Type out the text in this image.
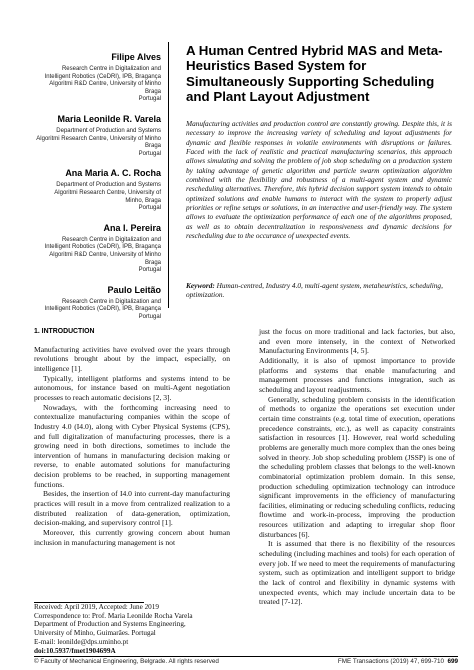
Filipe Alves
Research Centre in Digitalization and
Intelligent Robotics (CeDRI), IPB, Bragança
Algoritmi R&D Centre, University of Minho
Braga
Portugal
Maria Leonilde R. Varela
Department of Production and Systems
Algoritmi Research Centre, University of Minho
Braga
Portugal
Ana Maria A. C. Rocha
Department of Production and Systems
Algoritmi Research Centre, University of
Minho, Braga
Portugal
Ana I. Pereira
Research Centre in Digitalization and
Intelligent Robotics (CeDRI), IPB, Bragança
Algoritmi R&D Centre, University of Minho
Braga
Portugal
Paulo Leitão
Research Centre in Digitalization and
Intelligent Robotics (CeDRI), IPB, Bragança
Portugal
A Human Centred Hybrid MAS and Meta-Heuristics Based System for Simultaneously Supporting Scheduling and Plant Layout Adjustment
Manufacturing activities and production control are constantly growing. Despite this, it is necessary to improve the increasing variety of scheduling and layout adjustments for dynamic and flexible responses in volatile environments with disruptions or failures. Faced with the lack of realistic and practical manufacturing scenarios, this approach allows simulating and solving the problem of job shop scheduling on a production system by taking advantage of genetic algorithm and particle swarm optimization algorithm combined with the flexibility and robustness of a multi-agent system and dynamic rescheduling alternatives. Therefore, this hybrid decision support system intends to obtain optimized solutions and enable humans to interact with the system to properly adjust priorities or refine setups or solutions, in an interactive and user-friendly way. The system allows to evaluate the optimization performance of each one of the algorithms proposed, as well as to obtain decentralization in responsiveness and dynamic decisions for rescheduling due to the occurance of unexpected events.
Keyword: Human-centred, Industry 4.0, multi-agent system, metaheuristics, scheduling, optimization.
1. INTRODUCTION

Manufacturing activities have evolved over the years through revolutions brought about by the impact, especially, on intelligence [1].

Typically, intelligent platforms and systems intend to be autonomous, for instance based on multi-Agent negotiation processes to reach automatic decisions [2, 3].

Nowadays, with the forthcoming increasing need to contextualize manufacturing companies within the scope of Industry 4.0 (I4.0), along with Cyber Physical Systems (CPS), and full digitalization of manufacturing processes, there is a growing need in both directions, sometimes to include the intervention of humans in manufacturing decision making or reverse, to enable automated solutions for manufacturing decision problems to be reached, in supporting management functions.

Besides, the insertion of I4.0 into current-day manufacturing practices will result in a move from centralized realization to a distributed realization of data-generation, optimization, decision-making, and supervisory control [1].

Moreover, this currently growing concern about human inclusion in manufacturing management is not

just the focus on more traditional and lack factories, but also, and even more intensely, in the context of Networked Manufacturing Environments [4, 5].

Additionally, it is also of upmost importance to provide platforms and systems that enable manufacturing and management processes and functions integration, such as scheduling and layout readjustments.

Generally, scheduling problem consists in the identification of methods to organize the operations set execution under certain time constraints (e.g. total time of execution, operations precedence constraints, etc.), as well as capacity constraints satisfaction in resources [1]. However, real world scheduling problems are generally much more complex than the ones being solved in theory. Job shop scheduling problem (JSSP) is one of the scheduling problem classes that belongs to the well-known combinatorial optimization problem domain. In this sense, production scheduling optimization technology can introduce significant improvements in the efficiency of manufacturing facilities, eliminating or reducing scheduling conflicts, reducing flowtime and work-in-process, improving the production resources utilization and adapting to irregular shop floor disturbances [6].

It is assumed that there is no flexibility of the resources scheduling (including machines and tools) for each operation of every job. If we need to meet the requirements of manufacturing system, such as optimization and intelligent support to bridge the lack of control and flexibility in dynamic systems with unexpected events, which may include uncertain data to be treated [7-12].

Received: April 2019, Accepted: June 2019
Correspondence to: Prof. Maria Leonilde Rocha Varela
Department of Production and Systems Engineering,
University of Minho, Guimarães. Portugal
E-mail: leonilde@dps.uminho.pt
doi:10.5937/fmet1904699A
© Faculty of Mechanical Engineering, Belgrade. All rights reserved	FME Transactions (2019) 47, 699-710 699
